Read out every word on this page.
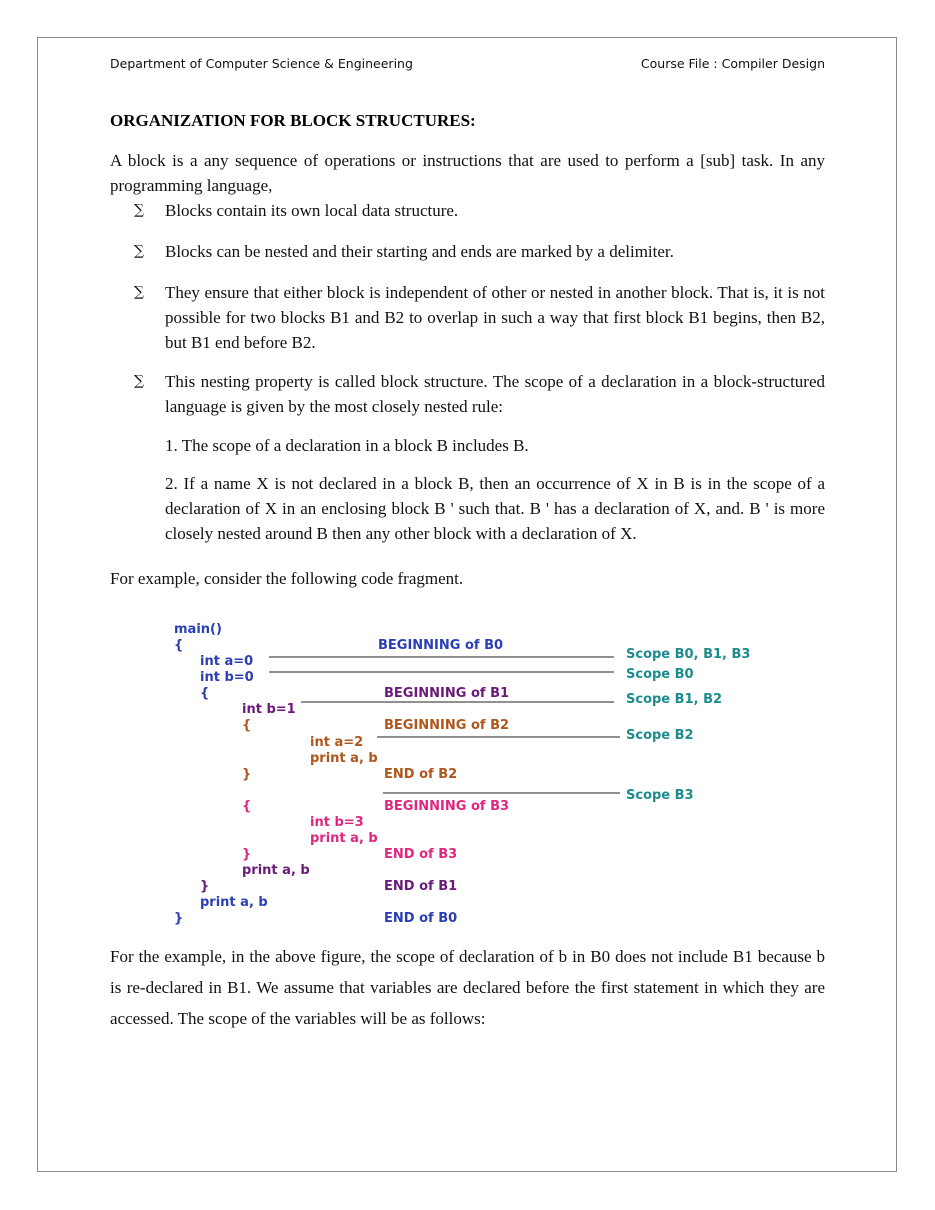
Department of Computer Science & Engineering	Course File : Compiler Design
ORGANIZATION FOR BLOCK STRUCTURES:

A block is a any sequence of operations or instructions that are used to perform a [sub] task. In any programming language,

∑ Blocks contain its own local data structure.
∑ Blocks can be nested and their starting and ends are marked by a delimiter.
∑ They ensure that either block is independent of other or nested in another block. That is, it is not possible for two blocks B1 and B2 to overlap in such a way that first block B1 begins, then B2, but B1 end before B2.
∑ This nesting property is called block structure. The scope of a declaration in a block-structured language is given by the most closely nested rule:
1. The scope of a declaration in a block B includes B.
2. If a name X is not declared in a block B, then an occurrence of X in B is in the scope of a declaration of X in an enclosing block B ' such that. B ' has a declaration of X, and. B ' is more closely nested around B then any other block with a declaration of X.
For example, consider the following code fragment.
main()
{
int a=0
int b=0
{
int b=1
{
int a=2
print a, b
}
{
int b=3
print a, b
}
print a, b
}
print a, b
}
BEGINNING of B0
BEGINNING of B1
BEGINNING of B2
END of B2
BEGINNING of B3
END of B3
END of B1
END of B0
Scope B0, B1, B3
Scope B0
Scope B1, B2
Scope B2
Scope B3
For the example, in the above figure, the scope of declaration of b in B0 does not include B1 because b is re-declared in B1. We assume that variables are declared before the first statement in which they are accessed. The scope of the variables will be as follows:
